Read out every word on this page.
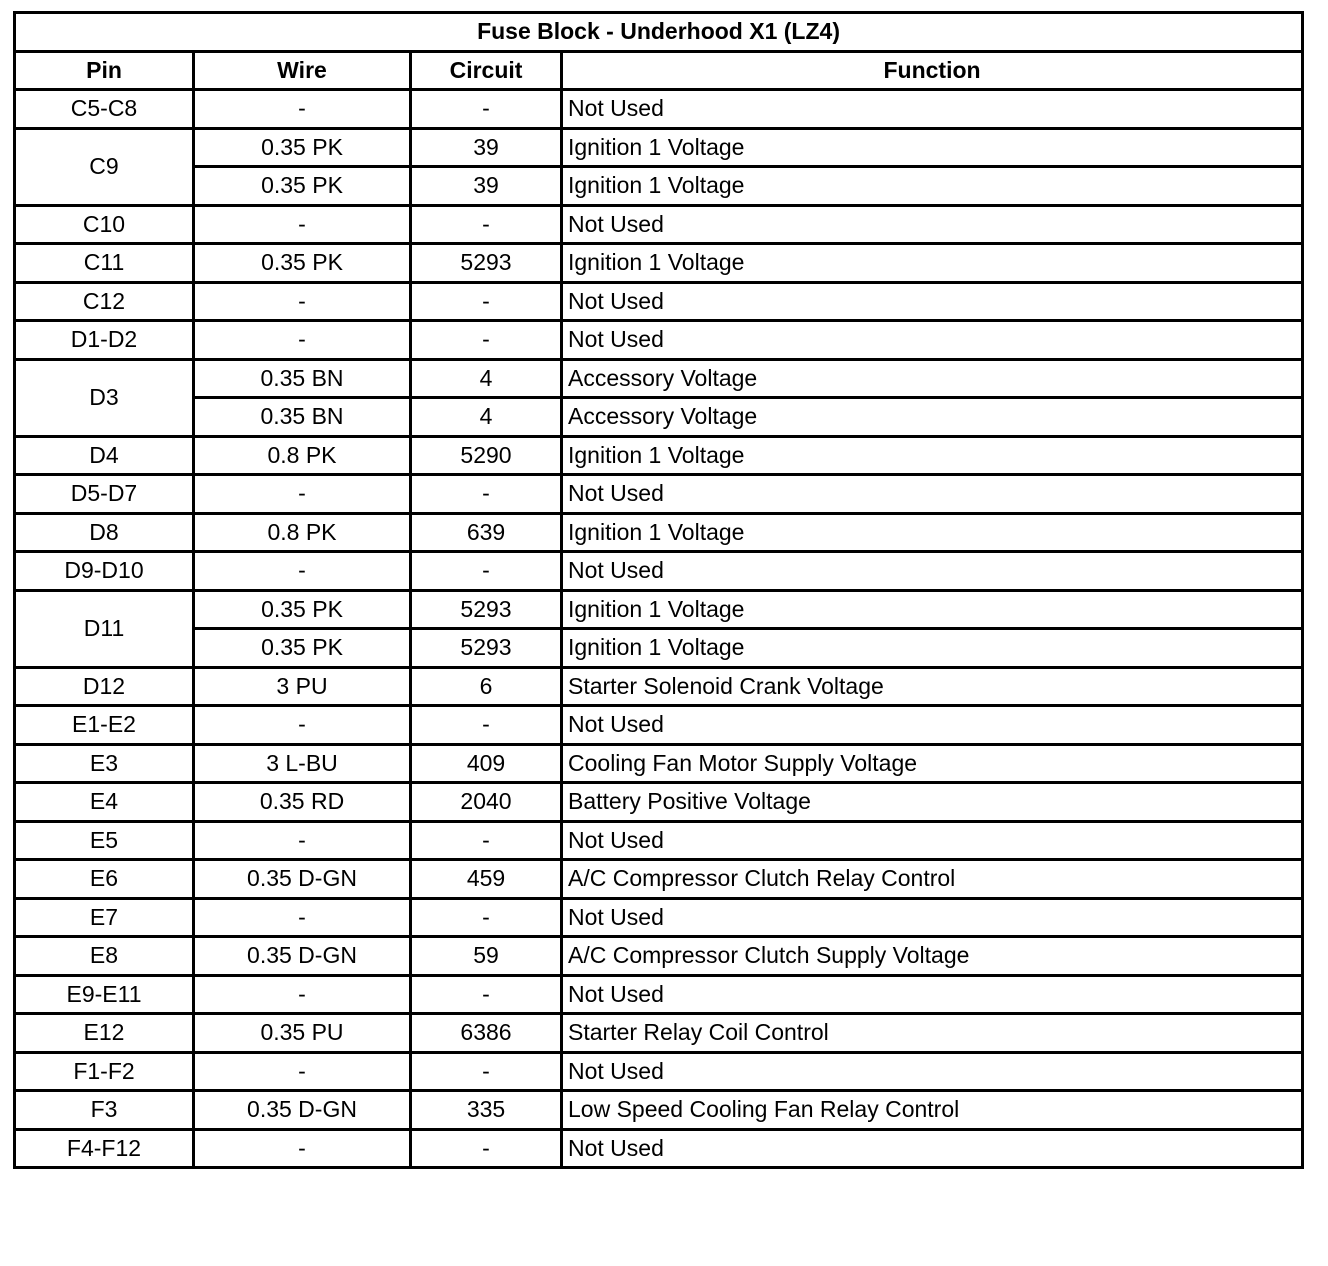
Fuse Block - Underhood X1 (LZ4)			
Pin	Wire	Circuit	Function
C5-C8	-	-	Not Used
C9	0.35 PK	39	Ignition 1 Voltage
	0.35 PK	39	Ignition 1 Voltage
C10	-	-	Not Used
C11	0.35 PK	5293	Ignition 1 Voltage
C12	-	-	Not Used
D1-D2	-	-	Not Used
D3	0.35 BN	4	Accessory Voltage
	0.35 BN	4	Accessory Voltage
D4	0.8 PK	5290	Ignition 1 Voltage
D5-D7	-	-	Not Used
D8	0.8 PK	639	Ignition 1 Voltage
D9-D10	-	-	Not Used
D11	0.35 PK	5293	Ignition 1 Voltage
	0.35 PK	5293	Ignition 1 Voltage
D12	3 PU	6	Starter Solenoid Crank Voltage
E1-E2	-	-	Not Used
E3	3 L-BU	409	Cooling Fan Motor Supply Voltage
E4	0.35 RD	2040	Battery Positive Voltage
E5	-	-	Not Used
E6	0.35 D-GN	459	A/C Compressor Clutch Relay Control
E7	-	-	Not Used
E8	0.35 D-GN	59	A/C Compressor Clutch Supply Voltage
E9-E11	-	-	Not Used
E12	0.35 PU	6386	Starter Relay Coil Control
F1-F2	-	-	Not Used
F3	0.35 D-GN	335	Low Speed Cooling Fan Relay Control
F4-F12	-	-	Not Used
